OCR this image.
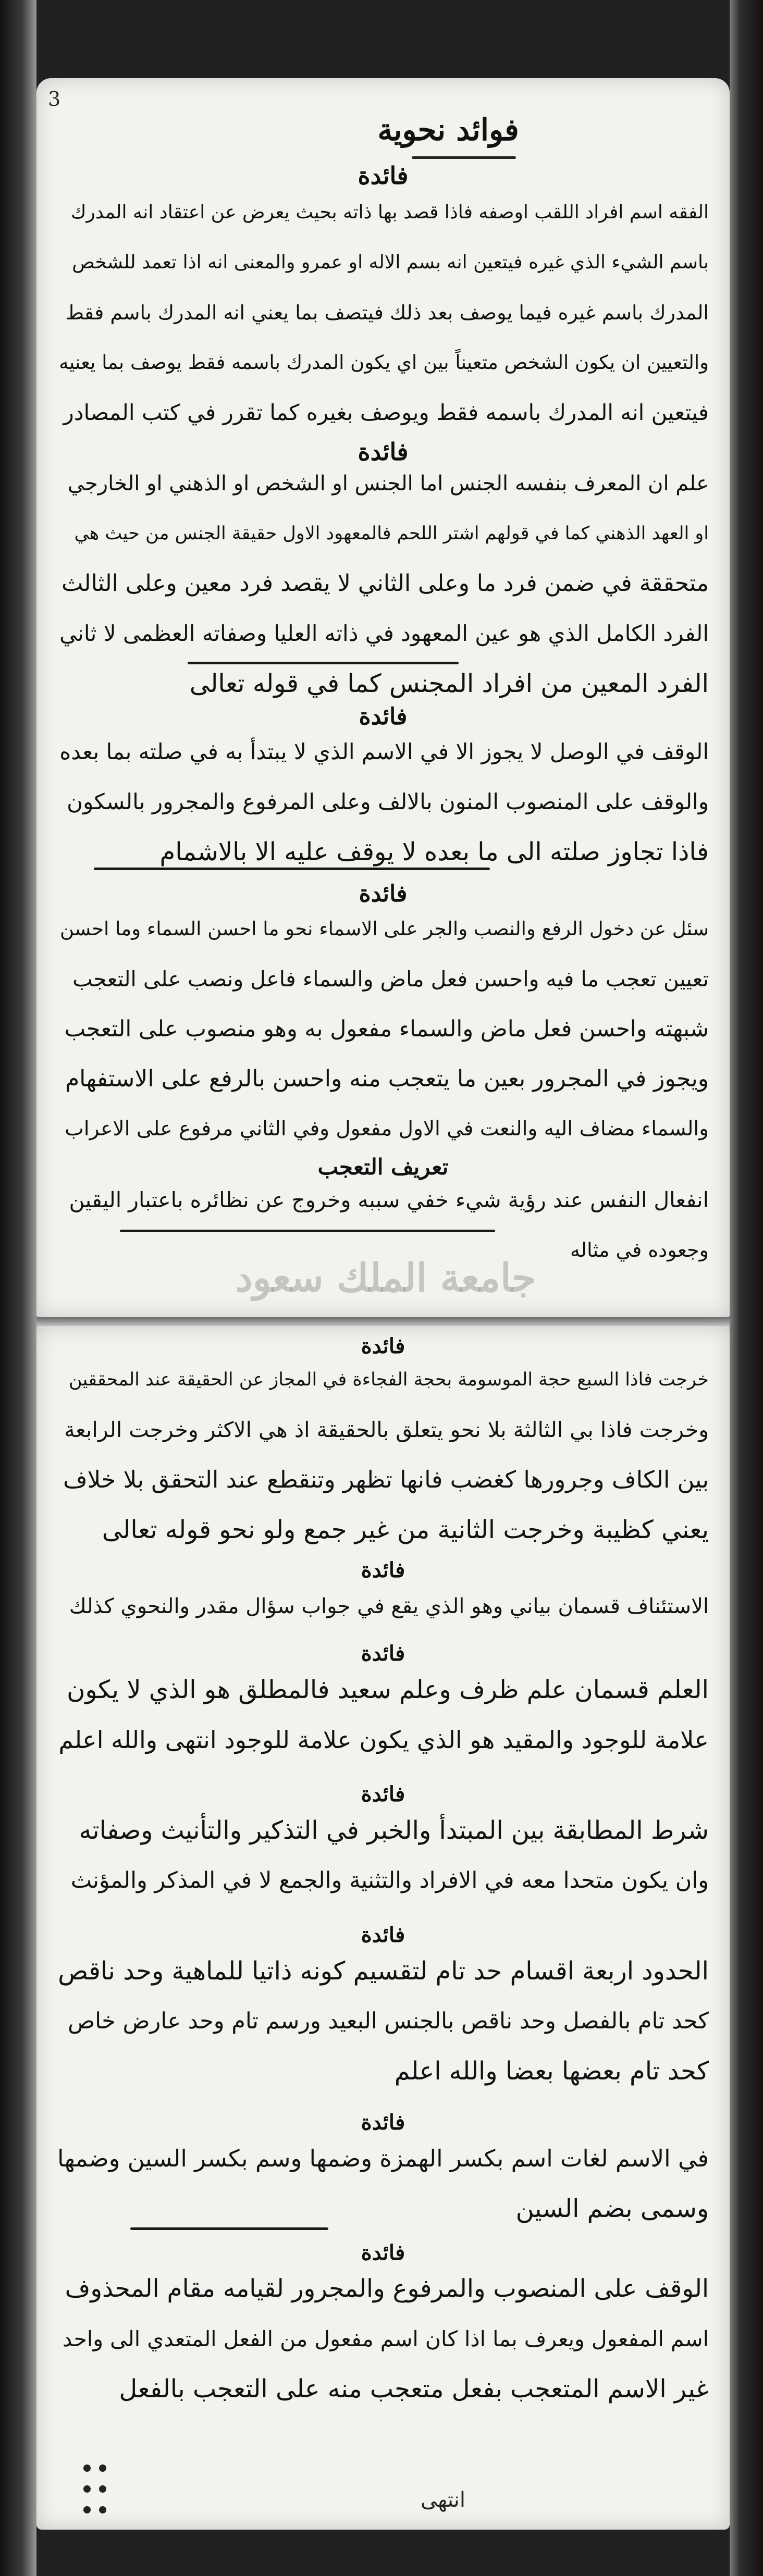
3
فوائد نحوية
فائدة
الفقه اسم افراد اللقب اوصفه فاذا قصد بها ذاته بحيث يعرض عن اعتقاد انه المدرك
باسم الشيء الذي غيره فيتعين انه بسم الاله او عمرو والمعنى انه اذا تعمد للشخص
المدرك باسم غيره فيما يوصف بعد ذلك فيتصف بما يعني انه المدرك باسم فقط
والتعيين ان يكون الشخص متعيناً بين اي يكون المدرك باسمه فقط يوصف بما يعنيه
فيتعين انه المدرك باسمه فقط ويوصف بغيره كما تقرر في كتب المصادر
فائدة
علم ان المعرف بنفسه الجنس اما الجنس او الشخص او الذهني او الخارجي
او العهد الذهني كما في قولهم اشتر اللحم فالمعهود الاول حقيقة الجنس من حيث هي
متحققة في ضمن فرد ما وعلى الثاني لا يقصد فرد معين وعلى الثالث
الفرد الكامل الذي هو عين المعهود في ذاته العليا وصفاته العظمى لا ثاني
الفرد المعين من افراد المجنس كما في قوله تعالى
فائدة
الوقف في الوصل لا يجوز الا في الاسم الذي لا يبتدأ به في صلته بما بعده
والوقف على المنصوب المنون بالالف وعلى المرفوع والمجرور بالسكون
فاذا تجاوز صلته الى ما بعده لا يوقف عليه الا بالاشمام
فائدة
سئل عن دخول الرفع والنصب والجر على الاسماء نحو ما احسن السماء وما احسن
تعيين تعجب ما فيه واحسن فعل ماض والسماء فاعل ونصب على التعجب
شبهته واحسن فعل ماض والسماء مفعول به وهو منصوب على التعجب
ويجوز في المجرور بعين ما يتعجب منه واحسن بالرفع على الاستفهام
والسماء مضاف اليه والنعت في الاول مفعول وفي الثاني مرفوع على الاعراب
تعريف التعجب
انفعال النفس عند رؤية شيء خفي سببه وخروج عن نظائره باعتبار اليقين
وجعوده في مثاله
جامعة الملك سعود
فائدة
خرجت فاذا السبع حجة الموسومة بحجة الفجاءة في المجاز عن الحقيقة عند المحققين
وخرجت فاذا بي الثالثة بلا نحو يتعلق بالحقيقة اذ هي الاكثر وخرجت الرابعة
بين الكاف وجرورها كغضب فانها تظهر وتنقطع عند التحقق بلا خلاف
يعني كظيبة وخرجت الثانية من غير جمع ولو نحو قوله تعالى
فائدة
الاستئناف قسمان بياني وهو الذي يقع في جواب سؤال مقدر والنحوي كذلك
فائدة
العلم قسمان علم ظرف وعلم سعيد فالمطلق هو الذي لا يكون
علامة للوجود والمقيد هو الذي يكون علامة للوجود انتهى والله اعلم
فائدة
شرط المطابقة بين المبتدأ والخبر في التذكير والتأنيث وصفاته
وان يكون متحدا معه في الافراد والتثنية والجمع لا في المذكر والمؤنث
فائدة
الحدود اربعة اقسام حد تام لتقسيم كونه ذاتيا للماهية وحد ناقص
كحد تام بالفصل وحد ناقص بالجنس البعيد ورسم تام وحد عارض خاص
كحد تام بعضها بعضا والله اعلم
فائدة
في الاسم لغات اسم بكسر الهمزة وضمها وسم بكسر السين وضمها
وسمى بضم السين
فائدة
الوقف على المنصوب والمرفوع والمجرور لقيامه مقام المحذوف
اسم المفعول ويعرف بما اذا كان اسم مفعول من الفعل المتعدي الى واحد
غير الاسم المتعجب بفعل متعجب منه على التعجب بالفعل
انتهى
